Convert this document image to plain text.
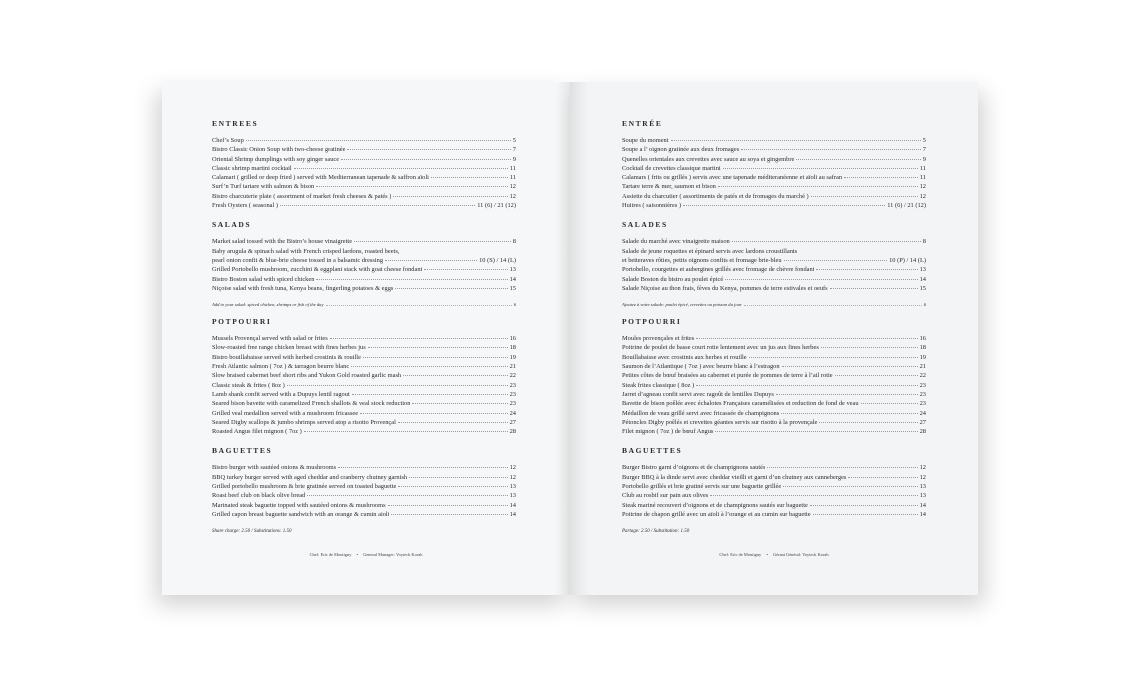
ENTREES
Chef’s Soup	5
Bistro Classic Onion Soup with two-cheese gratinée	7
Oriental Shrimp dumplings with soy ginger sauce	9
Classic shrimp martini cocktail	11
Calamari ( grilled or deep fried ) served with Mediterranean tapenade & saffron aïoli	11
Surf’n Turf tartare with salmon & bison	12
Bistro charcuterie plate ( assortment of market fresh cheeses & patés )	12
Fresh Oysters ( seasonal )	11 (6) / 21 (12)
SALADS
Market salad tossed with the Bistro’s house vinaigrette	8
Baby arugula & spinach salad with French crisped lardons, roasted beets,
pearl onion confit & blue-brie cheese tossed in a balsamic dressing	10 (S) / 14 (L)
Grilled Portobello mushroom, zucchini & eggplant stack with goat cheese fondant	13
Bistro Boston salad with spiced chicken	14
Niçoise salad with fresh tuna, Kenya beans, fingerling potatoes & eggs	15
Add to your salad: spiced chicken, shrimps or fish of the day	6
POTPOURRI
Mussels Provençal served with salad or frites	16
Slow-roasted free range chicken breast with fines herbes jus	18
Bistro bouillabaisse served with herbed crostinis & rouille	19
Fresh Atlantic salmon ( 7oz ) & tarragon beurre blanc	21
Slow braised cabernet beef short ribs and Yukon Gold roasted garlic mash	22
Classic steak & frites ( 8oz )	23
Lamb shank confit served with a Dupuys lentil ragout	23
Seared bison bavette with caramelized French shallots & veal stock reduction	23
Grilled veal medallion served with a mushroom fricassee	24
Seared Digby scallops & jumbo shrimps served atop a risotto Provençal	27
Roasted Angus filet mignon ( 7oz )	28
BAGUETTES
Bistro burger with sautéed onions & mushrooms	12
BBQ turkey burger served with aged cheddar and cranberry chutney garnish	12
Grilled portobello mushroom & brie gratinée served on toasted baguette	13
Roast beef club on black olive bread	13
Marinated steak baguette topped with sautéed onions & mushrooms	14
Grilled capon breast baguette sandwich with an orange & cumin aioli	14
Share charge: 2.50 / Substitutions: 1.50
Chef: Eric de Montigny • General Manager: Voyteck Korab
ENTRÉE
Soupe du moment	5
Soupe a l’ oignon gratinée aux deux fromages	7
Quenelles orientales aux crevettes avec sauce au soya et gingembre	9
Cocktail de crevettes classique martini	11
Calamars ( frits ou grillés ) servis avec une tapenade méditeranéenne et aïoli au safran	11
Tartare terre & mer, saumon et bison	12
Assiette du charcutier ( assortiments de patés et de fromages du marché )	12
Huitres ( saisonnières )	11 (6) / 21 (12)
SALADES
Salade du marché avec vinaigrette maison	8
Salade de jeune roquettes et épinard servis avec lardons croustillants
et betteraves rôties, petits oignons confits et fromage brie-bleu	10 (P) / 14 (L)
Portobello, courgettes et aubergines grillés avec fromage de chèvre fondant	13
Salade Boston du bistro au poulet épicé	14
Salade Niçoise au thon frais, fèves du Kenya, pommes de terre estivales et oeufs	15
Ajoutez à votre salade: poulet épicé, crevettes ou poisson du jour	6
POTPOURRI
Moules provençales et frites	16
Poitrine de poulet de basse court rotie lentement avec un jus aux fines herbes	18
Bouillabaisse avec crostinis aux herbes et rouille	19
Saumon de l’Atlantique ( 7oz ) avec beurre blanc à l’estragon	21
Petites côtes de bœuf braisées au cabernet et purée de pommes de terre à l’ail rotie	22
Steak frites classique ( 8oz )	23
Jarret d’agneau confit servi avec ragoût de lentilles Dupuys	23
Bavette de bison poêlée avec échalotes Françaises caramélisées et reduction de fond de veau	23
Médaillon de veau grillé servi avec fricassée de champignons	24
Pétoncles Digby poêlés et crevettes géantes servis sur risotto à la provençale	27
Filet mignon ( 7oz ) de bœuf Angus	28
BAGUETTES
Burger Bistro garni d’oignons et de champignons sautés	12
Burger BBQ à la dinde servi avec cheddar vieilli et garni d’un chutney aux canneberges	12
Portobello grillés et brie gratiné servis sur une baguette grillée	13
Club au rosbif sur pain aux olives	13
Steak mariné recouvert d’oignons et de champignons sautés sur baguette	14
Poitrine de chapon grillé avec un aïoli à l’orange et au cumin sur baguette	14
Partage: 2.50 / Substitution: 1.50
Chef: Eric de Montigny • Gérant Général: Voyteck Korab
